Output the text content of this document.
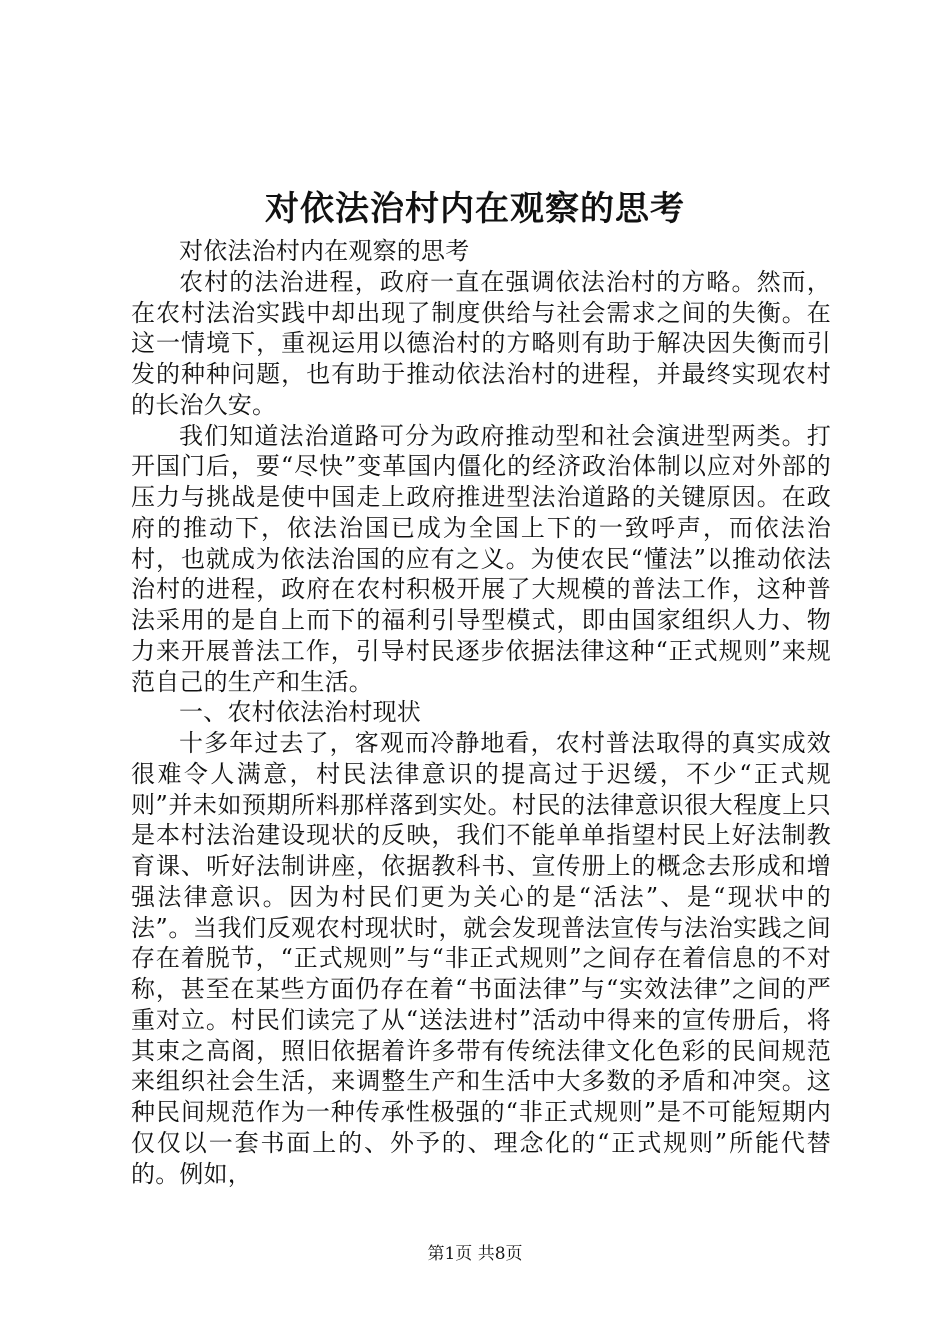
对依法治村内在观察的思考

对依法治村内在观察的思考

农村的法治进程，政府一直在强调依法治村的方略。然而，在农村法治实践中却出现了制度供给与社会需求之间的失衡。在这一情境下，重视运用以德治村的方略则有助于解决因失衡而引发的种种问题，也有助于推动依法治村的进程，并最终实现农村的长治久安。

我们知道法治道路可分为政府推动型和社会演进型两类。打开国门后，要“尽快”变革国内僵化的经济政治体制以应对外部的压力与挑战是使中国走上政府推进型法治道路的关键原因。在政府的推动下，依法治国已成为全国上下的一致呼声，而依法治村，也就成为依法治国的应有之义。为使农民“懂法”以推动依法治村的进程，政府在农村积极开展了大规模的普法工作，这种普法采用的是自上而下的福利引导型模式，即由国家组织人力、物力来开展普法工作，引导村民逐步依据法律这种“正式规则”来规范自己的生产和生活。

一、农村依法治村现状

十多年过去了，客观而冷静地看，农村普法取得的真实成效很难令人满意，村民法律意识的提高过于迟缓，不少“正式规则”并未如预期所料那样落到实处。村民的法律意识很大程度上只是本村法治建设现状的反映，我们不能单单指望村民上好法制教育课、听好法制讲座，依据教科书、宣传册上的概念去形成和增强法律意识。因为村民们更为关心的是“活法”、是“现状中的法”。当我们反观农村现状时，就会发现普法宣传与法治实践之间存在着脱节，“正式规则”与“非正式规则”之间存在着信息的不对称，甚至在某些方面仍存在着“书面法律”与“实效法律”之间的严重对立。村民们读完了从“送法进村”活动中得来的宣传册后，将其束之高阁，照旧依据着许多带有传统法律文化色彩的民间规范来组织社会生活，来调整生产和生活中大多数的矛盾和冲突。这种民间规范作为一种传承性极强的“非正式规则”是不可能短期内仅仅以一套书面上的、外予的、理念化的“正式规则”所能代替的。例如，

第1页 共8页
